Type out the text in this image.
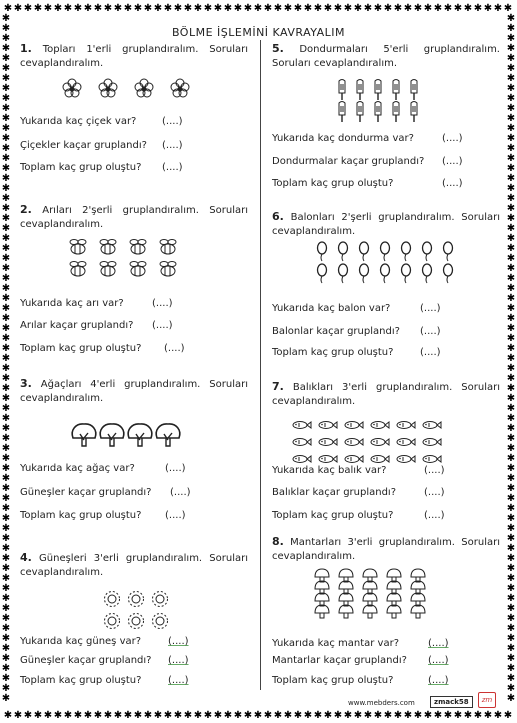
✱
✱
✱
✱
✱
✱
✱
✱
✱
✱
✱
✱
✱
✱
✱
✱
✱
✱
✱
✱
✱
✱
✱
✱
✱
✱
✱
✱
✱
✱
✱
✱
✱
✱
✱
✱
✱
✱
✱
✱
✱
✱
✱
✱
✱
✱
✱
✱
✱
✱
✱
✱
✱
✱
✱
✱
✱
✱
✱
✱
✱
✱
✱
✱
✱
✱
✱
✱
✱
✱
✱
✱
✱
✱
✱
✱
✱
✱
✱
✱
✱
✱
✱
✱
✱
✱
✱
✱
✱
✱
✱
✱
✱
✱
✱
✱
✱
✱
✱
✱
✱
✱
✱	✱
✱	✱
✱	✱
✱	✱
✱	✱
✱	✱
✱	✱
✱	✱
✱	✱
✱	✱
✱	✱
✱	✱
✱	✱
✱	✱
✱	✱
✱	✱
✱	✱
✱	✱
✱	✱
✱	✱
✱	✱
✱	✱
✱	✱
✱	✱
✱	✱
✱	✱
✱	✱
✱	✱
✱	✱
✱	✱
✱	✱
✱	✱
✱	✱
✱	✱
✱	✱
✱	✱
✱	✱
✱	✱
✱	✱
✱	✱
✱	✱
✱	✱
✱	✱
✱	✱
✱	✱
✱	✱
✱	✱
✱	✱
✱	✱
✱	✱
✱	✱
✱	✱
✱	✱
✱	✱
✱	✱
✱	✱
✱	✱
✱	✱
✱	✱
✱	✱
✱	✱
✱	✱
✱	✱
✱	✱
✱	✱
✱	✱
✱	✱
✱	✱
✱	✱
BÖLME İŞLEMİNİ KAVRAYALIM
1. Topları 1'erli gruplandıralım. Soruları cevaplandıralım.
Yukarıda kaç çiçek var?	(....)
Çiçekler kaçar gruplandı? (....)
Toplam kaç grup oluştu? (....)
2. Arıları 2'şerli gruplandıralım. Soruları cevaplandıralım.
Yukarıda kaç arı var?	(....)
Arılar kaçar gruplandı? (....)
Toplam kaç grup oluştu? (....)
3. Ağaçları 4'erli gruplandıralım. Soruları cevaplandıralım.
Yukarıda kaç ağaç var?	(....)
Güneşler kaçar gruplandı? (....)
Toplam kaç grup oluştu? (....)
4. Güneşleri 3'erli gruplandıralım. Soruları cevaplandıralım.
Yukarıda kaç güneş var?	(....)
Güneşler kaçar gruplandı? (....)
Toplam kaç grup oluştu?	(....)
5. Dondurmaları 5'erli gruplandıralım. Soruları cevaplandıralım.
Yukarıda kaç dondurma var?	(....)
Dondurmalar kaçar gruplandı? (....)
Toplam kaç grup oluştu?	(....)
6. Balonları 2'şerli gruplandıralım. Soruları cevaplandıralım.
Yukarıda kaç balon var?	(....)
Balonlar kaçar gruplandı? (....)
Toplam kaç grup oluştu?	(....)
7. Balıkları 3'erli gruplandıralım. Soruları cevaplandıralım.
Yukarıda kaç balık var?	(....)
Balıklar kaçar gruplandı?	(....)
Toplam kaç grup oluştu?	(....)
8. Mantarları 3'erli gruplandıralım. Soruları cevaplandıralım.
Yukarıda kaç mantar var?	(....)
Mantarlar kaçar gruplandı? (....)
Toplam kaç grup oluştu?	(....)
www.mebders.com	zmack58	zm
